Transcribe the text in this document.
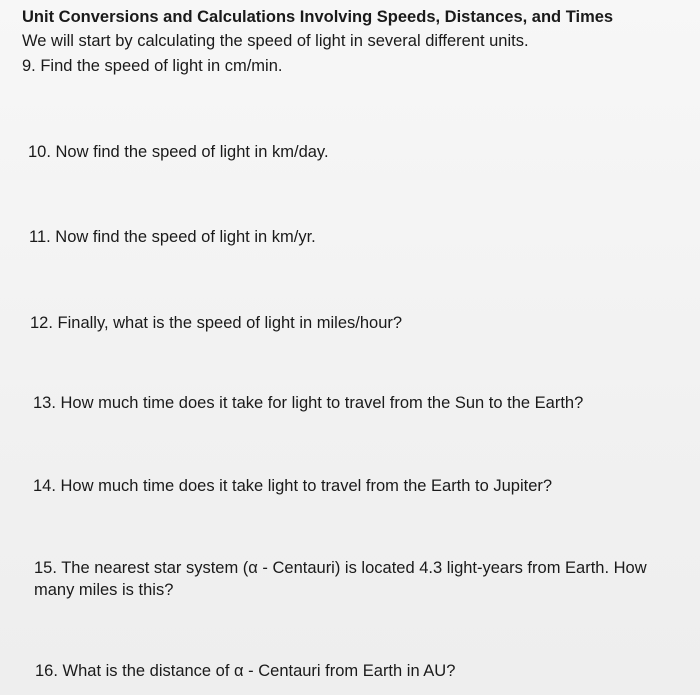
Unit Conversions and Calculations Involving Speeds, Distances, and Times
We will start by calculating the speed of light in several different units.
9. Find the speed of light in cm/min.
10. Now find the speed of light in km/day.
11. Now find the speed of light in km/yr.
12. Finally, what is the speed of light in miles/hour?
13. How much time does it take for light to travel from the Sun to the Earth?
14. How much time does it take light to travel from the Earth to Jupiter?
15. The nearest star system (α - Centauri) is located 4.3 light-years from Earth. How
many miles is this?
16. What is the distance of α - Centauri from Earth in AU?
